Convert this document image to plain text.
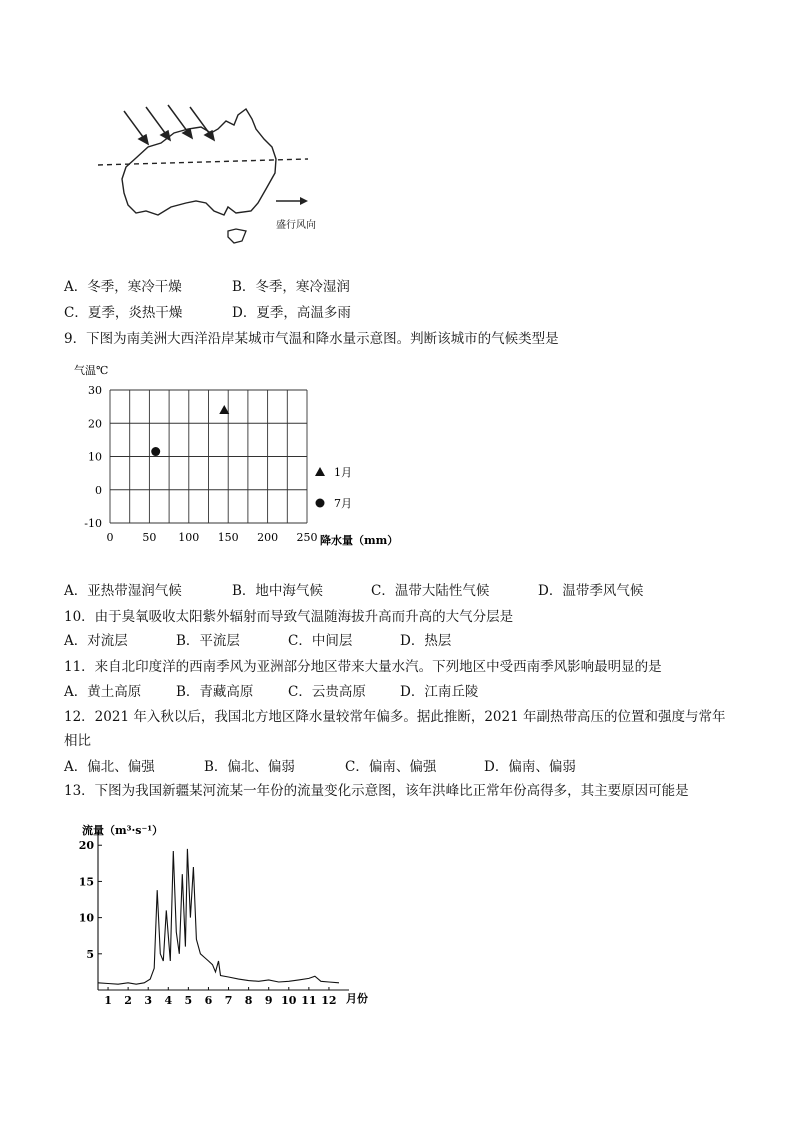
盛行风向
A．冬季，寒冷干燥	B．冬季，寒冷湿润
C．夏季，炎热干燥	D．夏季，高温多雨
9．下图为南美洲大西洋沿岸某城市气温和降水量示意图。判断该城市的气候类型是
0	50 100 150 200 250
30
20
10
0
-10
1月
7月
气温℃
降水量（mm）
A．亚热带湿润气候	B．地中海气候	C．温带大陆性气候	D．温带季风气候
10．由于臭氧吸收太阳紫外辐射而导致气温随海拔升高而升高的大气分层是
A．对流层	B．平流层	C．中间层	D．热层
11．来自北印度洋的西南季风为亚洲部分地区带来大量水汽。下列地区中受西南季风影响最明显的是
A．黄土高原	B．青藏高原	C．云贵高原	D．江南丘陵
12．2021 年入秋以后，我国北方地区降水量较常年偏多。据此推断，2021 年副热带高压的位置和强度与常年
相比
A．偏北、偏强	B．偏北、偏弱	C．偏南、偏强	D．偏南、偏弱
13．下图为我国新疆某河流某一年份的流量变化示意图，该年洪峰比正常年份高得多，其主要原因可能是
20
15
10
5
1 2 3 4 5 6 7 8 9 10 11 12
流量（m³·s⁻¹）
月份
